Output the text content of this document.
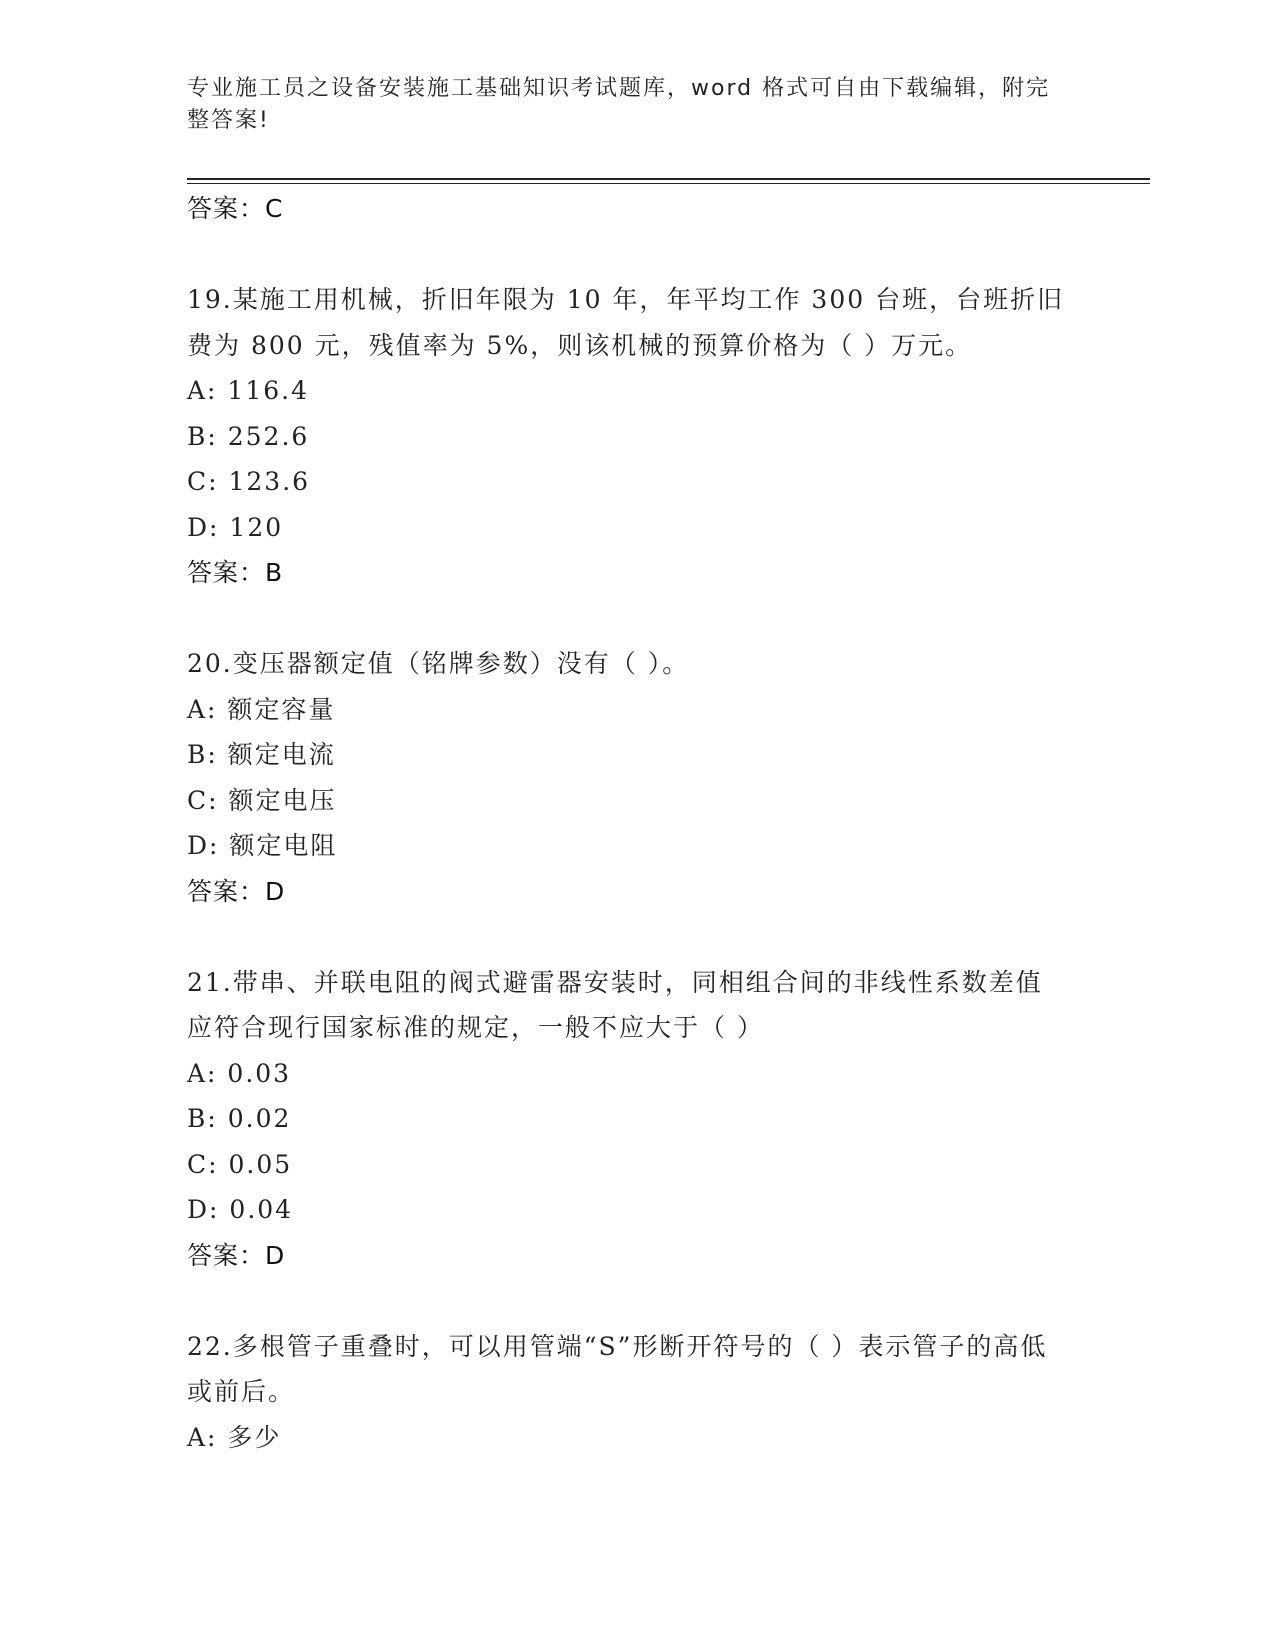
专业施工员之设备安装施工基础知识考试题库，word 格式可自由下载编辑，附完整答案!
答案：C
19.某施工用机械，折旧年限为 10 年，年平均工作 300 台班，台班折旧费为 800 元，残值率为 5%，则该机械的预算价格为（ ）万元。
A: 116.4
B: 252.6
C: 123.6
D: 120
答案：B
20.变压器额定值（铭牌参数）没有（ ）。
A: 额定容量
B: 额定电流
C: 额定电压
D: 额定电阻
答案：D
21.带串、并联电阻的阀式避雷器安装时，同相组合间的非线性系数差值应符合现行国家标准的规定，一般不应大于（ ）
A: 0.03
B: 0.02
C: 0.05
D: 0.04
答案：D
22.多根管子重叠时，可以用管端“S”形断开符号的（ ）表示管子的高低或前后。
A: 多少
